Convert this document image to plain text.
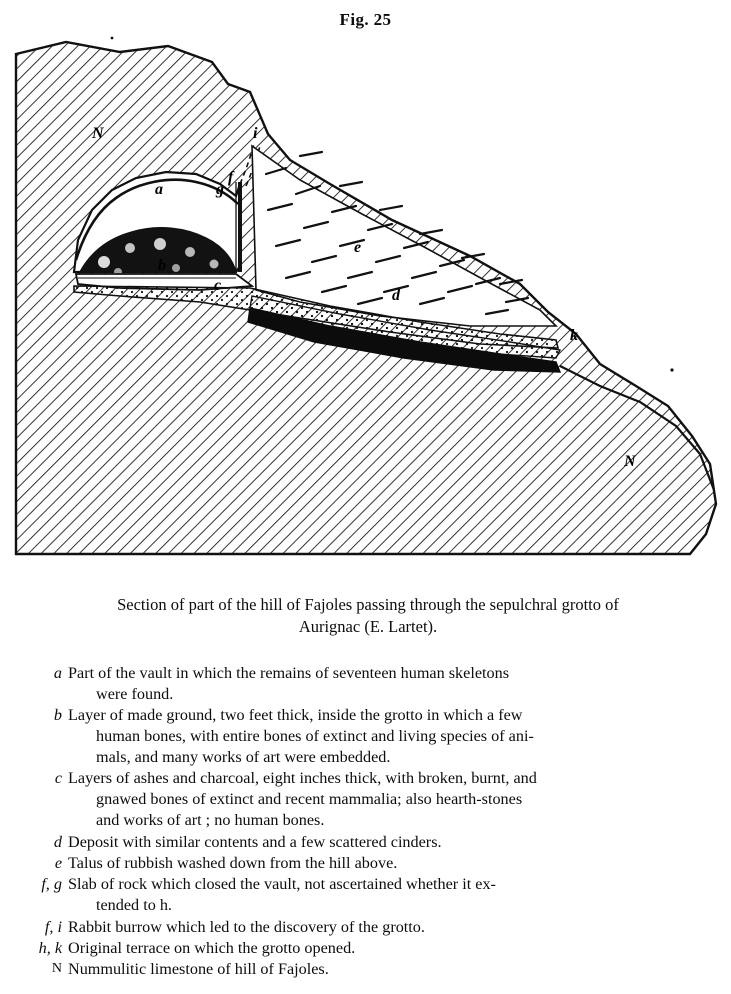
Fig. 25
N
a
b
c
d
e
f
g
i
k
N
Section of part of the hill of Fajoles passing through the sepulchral grotto of
Aurignac (E. Lartet).
a Part of the vault in which the remains of seventeen human skeletons
were found.
b Layer of made ground, two feet thick, inside the grotto in which a few
human bones, with entire bones of extinct and living species of ani-
mals, and many works of art were embedded.
c Layers of ashes and charcoal, eight inches thick, with broken, burnt, and
gnawed bones of extinct and recent mammalia; also hearth-stones
and works of art ; no human bones.
d Deposit with similar contents and a few scattered cinders.
e Talus of rubbish washed down from the hill above.
f, g Slab of rock which closed the vault, not ascertained whether it ex-
tended to h.
f, i Rabbit burrow which led to the discovery of the grotto.
h, k Original terrace on which the grotto opened.
N Nummulitic limestone of hill of Fajoles.
